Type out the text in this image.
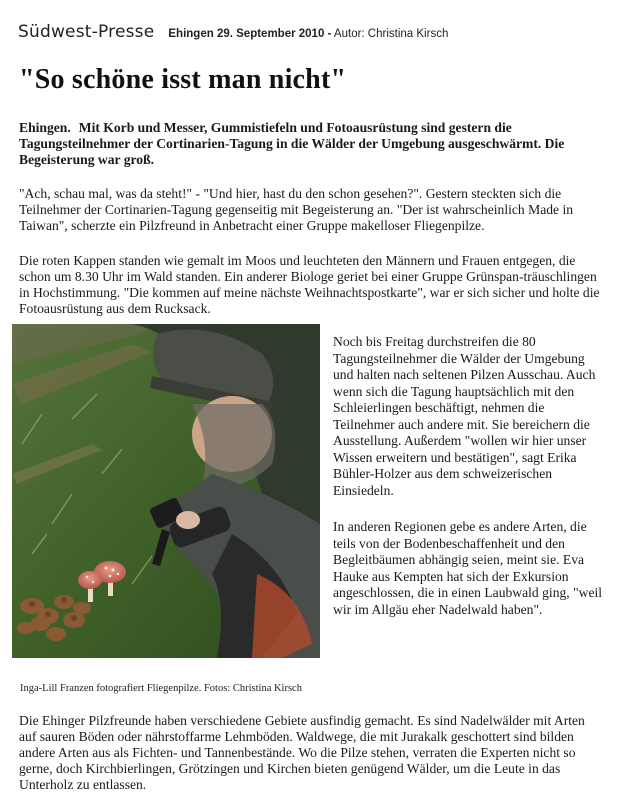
Südwest-Presse Ehingen 29. September 2010 - Autor: Christina Kirsch
"So schöne isst man nicht"

Ehingen. Mit Korb und Messer, Gummistiefeln und Fotoausrüstung sind gestern die Tagungsteilnehmer der Cortinarien-Tagung in die Wälder der Umgebung ausgeschwärmt. Die Begeisterung war groß.

"Ach, schau mal, was da steht!" - "Und hier, hast du den schon gesehen?". Gestern steckten sich die Teilnehmer der Cortinarien-Tagung gegenseitig mit Begeisterung an. "Der ist wahrscheinlich Made in Taiwan", scherzte ein Pilzfreund in Anbetracht einer Gruppe makelloser Fliegenpilze.

Die roten Kappen standen wie gemalt im Moos und leuchteten den Männern und Frauen entgegen, die schon um 8.30 Uhr im Wald standen. Ein anderer Biologe geriet bei einer Gruppe Grünspan-träuschlingen in Hochstimmung. "Die kommen auf meine nächste Weihnachtspostkarte", war er sich sicher und holte die Fotoausrüstung aus dem Rucksack.

Inga-Lill Franzen fotografiert Fliegenpilze. Fotos: Christina Kirsch

Noch bis Freitag durchstreifen die 80 Tagungsteilnehmer die Wälder der Umgebung und halten nach seltenen Pilzen Ausschau. Auch wenn sich die Tagung hauptsächlich mit den Schleierlingen beschäftigt, nehmen die Teilnehmer auch andere mit. Sie bereichern die Ausstellung. Außerdem "wollen wir hier unser Wissen erweitern und bestätigen", sagt Erika Bühler-Holzer aus dem schweizerischen Einsiedeln.

In anderen Regionen gebe es andere Arten, die teils von der Bodenbeschaffenheit und den Begleitbäumen abhängig seien, meint sie. Eva Hauke aus Kempten hat sich der Exkursion angeschlossen, die in einen Laubwald ging, "weil wir im Allgäu eher Nadelwald haben".

Die Ehinger Pilzfreunde haben verschiedene Gebiete ausfindig gemacht. Es sind Nadelwälder mit Arten auf sauren Böden oder nährstoffarme Lehmböden. Waldwege, die mit Jurakalk geschottert sind bilden andere Arten aus als Fichten- und Tannenbestände. Wo die Pilze stehen, verraten die Experten nicht so gerne, doch Kirchbierlingen, Grötzingen und Kirchen bieten genügend Wälder, um die Leute in das Unterholz zu entlassen.
